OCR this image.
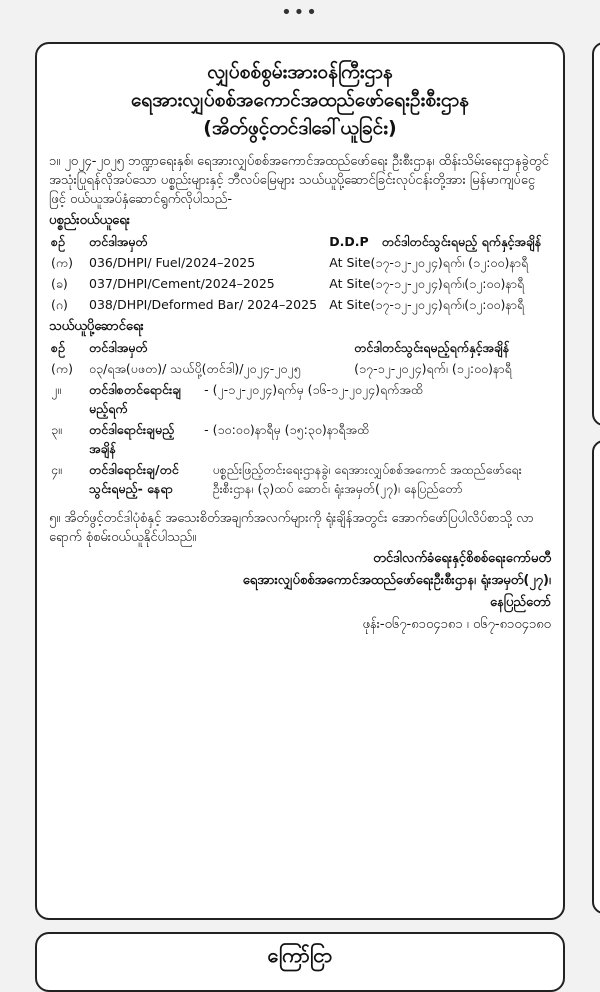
•••
လျှပ်စစ်စွမ်းအားဝန်ကြီးဌာန
ရေအားလျှပ်စစ်အကောင်အထည်ဖော်ရေးဦးစီးဌာန
(အိတ်ဖွင့်တင်ဒါခေါ်ယူခြင်း)
၁။ ၂၀၂၄-၂၀၂၅ ဘဏ္ဍာရေးနှစ်၊ ရေအားလျှပ်စစ်အကောင်အထည်ဖော်ရေး ဦးစီးဌာန၊ ထိန်းသိမ်းရေးဌာနခွဲတွင် အသုံးပြုရန်လိုအပ်သော ပစ္စည်းများနှင့် ဘီလပ်မြေများ သယ်ယူပို့ဆောင်ခြင်းလုပ်ငန်းတို့အား မြန်မာကျပ်ငွေဖြင့် ဝယ်ယူအပ်နှံဆောင်ရွက်လိုပါသည်-
ပစ္စည်းဝယ်ယူရေး
စဉ်	တင်ဒါအမှတ်	D.D.P တင်ဒါတင်သွင်းရမည့် ရက်နှင့်အချိန်
(က)	036/DHPI/ Fuel/2024–2025	At Site(၁၇-၁၂-၂၀၂၄)ရက်၊ (၁၂:၀၀)နာရီ
(ခ)	037/DHPI/Cement/2024–2025	At Site(၁၇-၁၂-၂၀၂၄)ရက်၊(၁၂:၀၀)နာရီ
(ဂ)	038/DHPI/Deformed Bar/ 2024–2025	At Site(၁၇-၁၂-၂၀၂၄)ရက်၊(၁၂:၀၀)နာရီ
သယ်ယူပို့ဆောင်ရေး
စဉ်	တင်ဒါအမှတ်	တင်ဒါတင်သွင်းရမည့်ရက်နှင့်အချိန်
(က)	၀၃/ရအ(ပဖတ)/ သယ်ပို့(တင်ဒါ)/၂၀၂၄-၂၀၂၅	(၁၇-၁၂-၂၀၂၄)ရက်၊ (၁၂:၀၀)နာရီ
၂။	တင်ဒါစတင်ရောင်းချမည့်ရက်	-	(၂-၁၂-၂၀၂၄)ရက်မှ (၁၆-၁၂-၂၀၂၄)ရက်အထိ
၃။	တင်ဒါရောင်းချမည့်အချိန်	-	(၁၀:၀၀)နာရီမှ (၁၅:၃၀)နာရီအထိ
၄။	တင်ဒါရောင်းချ/တင်သွင်းရမည့်- နေရာ		ပစ္စည်းဖြည့်တင်းရေးဌာနခွဲ၊ ရေအားလျှပ်စစ်အကောင် အထည်ဖော်ရေးဦးစီးဌာန၊ (၃)ထပ် ဆောင်၊ ရုံးအမှတ်(၂၇)၊ နေပြည်တော်
၅။ အိတ်ဖွင့်တင်ဒါပုံစံနှင့် အသေးစိတ်အချက်အလက်များကို ရုံးချိန်အတွင်း အောက်ဖော်ပြပါလိပ်စာသို့ လာရောက် စုံစမ်းဝယ်ယူနိုင်ပါသည်။
တင်ဒါလက်ခံရေးနှင့်စိစစ်ရေးကော်မတီ
ရေအားလျှပ်စစ်အကောင်အထည်ဖော်ရေးဦးစီးဌာန၊ ရုံးအမှတ်(၂၇)၊
နေပြည်တော်
ဖုန်း-၀၆၇-၈၁၀၄၁၈၁ ၊ ၀၆၇-၈၁၀၄၁၈၀
ကြော်ငြာ
